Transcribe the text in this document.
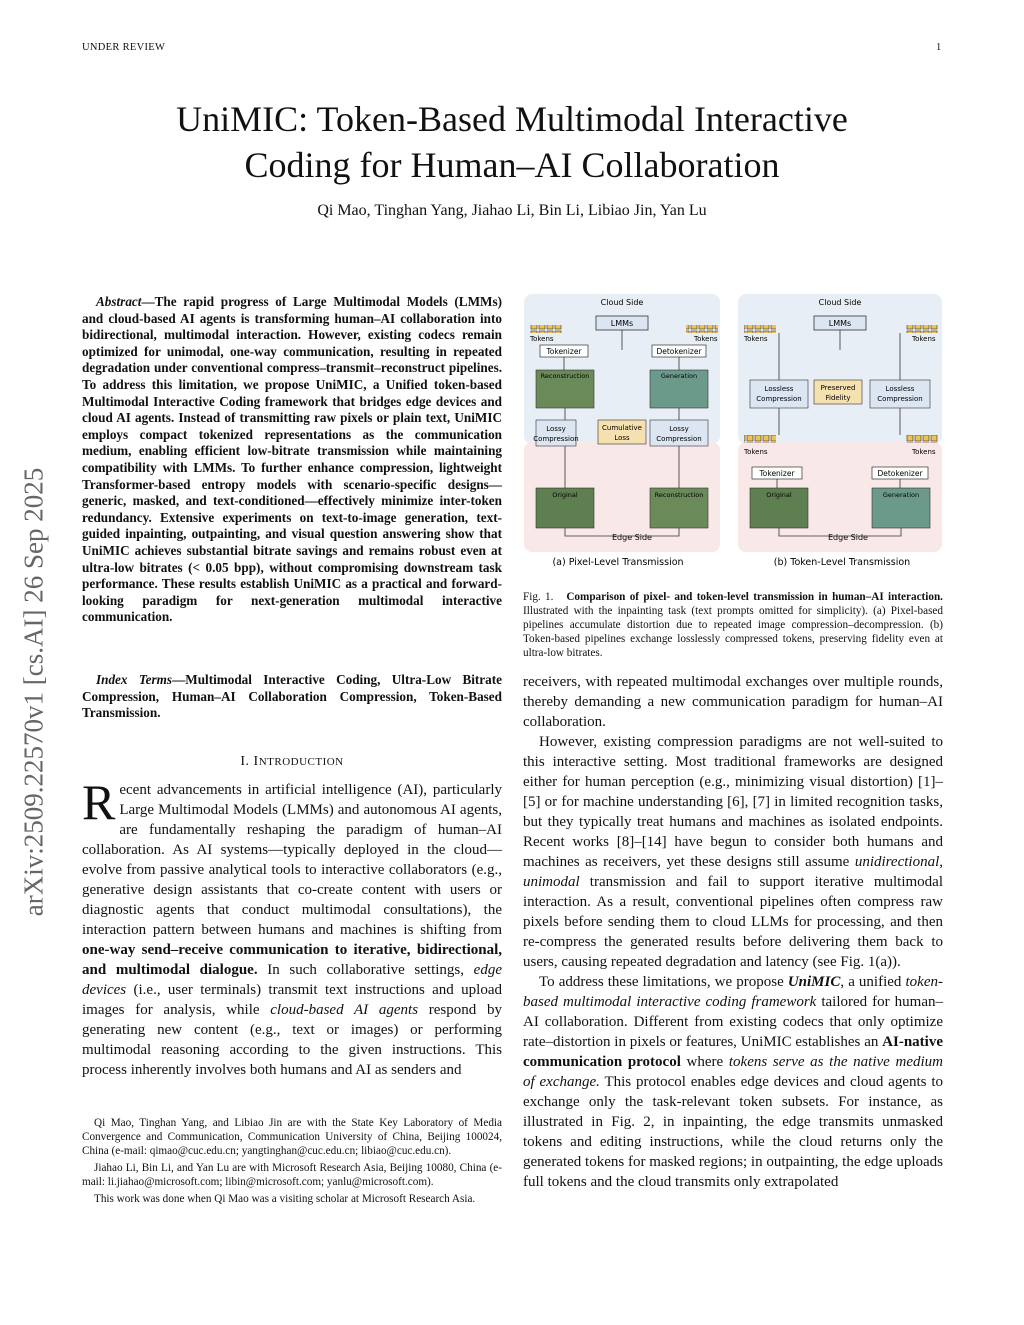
UNDER REVIEW	1
arXiv:2509.22570v1 [cs.AI] 26 Sep 2025
UniMIC: Token-Based Multimodal Interactive
Coding for Human–AI Collaboration
Qi Mao, Tinghan Yang, Jiahao Li, Bin Li, Libiao Jin, Yan Lu
Abstract—The rapid progress of Large Multimodal Models (LMMs) and cloud-based AI agents is transforming human–AI collaboration into bidirectional, multimodal interaction. However, existing codecs remain optimized for unimodal, one-way communication, resulting in repeated degradation under conventional compress–transmit–reconstruct pipelines. To address this limitation, we propose UniMIC, a Unified token-based Multimodal Interactive Coding framework that bridges edge devices and cloud AI agents. Instead of transmitting raw pixels or plain text, UniMIC employs compact tokenized representations as the communication medium, enabling efficient low-bitrate transmission while maintaining compatibility with LMMs. To further enhance compression, lightweight Transformer-based entropy models with scenario-specific designs—generic, masked, and text-conditioned—effectively minimize inter-token redundancy. Extensive experiments on text-to-image generation, text-guided inpainting, outpainting, and visual question answering show that UniMIC achieves substantial bitrate savings and remains robust even at ultra-low bitrates (< 0.05 bpp), without compromising downstream task performance. These results establish UniMIC as a practical and forward-looking paradigm for next-generation multimodal interactive communication.
Index Terms—Multimodal Interactive Coding, Ultra-Low Bitrate Compression, Human–AI Collaboration Compression, Token-Based Transmission.
I. INTRODUCTION
Recent advancements in artificial intelligence (AI), particularly Large Multimodal Models (LMMs) and autonomous AI agents, are fundamentally reshaping the paradigm of human–AI collaboration. As AI systems—typically deployed in the cloud—evolve from passive analytical tools to interactive collaborators (e.g., generative design assistants that co-create content with users or diagnostic agents that conduct multimodal consultations), the interaction pattern between humans and machines is shifting from one-way send–receive communication to iterative, bidirectional, and multimodal dialogue. In such collaborative settings, edge devices (i.e., user terminals) transmit text instructions and upload images for analysis, while cloud-based AI agents respond by generating new content (e.g., text or images) or performing multimodal reasoning according to the given instructions. This process inherently involves both humans and AI as senders and

Qi Mao, Tinghan Yang, and Libiao Jin are with the State Key Laboratory of Media Convergence and Communication, Communication University of China, Beijing 100024, China (e-mail: qimao@cuc.edu.cn; yangtinghan@cuc.edu.cn; libiao@cuc.edu.cn).

Jiahao Li, Bin Li, and Yan Lu are with Microsoft Research Asia, Beijing 10080, China (e-mail: li.jiahao@microsoft.com; libin@microsoft.com; yanlu@microsoft.com).

This work was done when Qi Mao was a visiting scholar at Microsoft Research Asia.

Cloud Side
LMMs
Tokens	Tokens
Tokenizer	Detokenizer
Reconstruction	Generation
Lossy
Compression
Cumulative
Loss
Lossy
Compression
Original	Reconstruction
Edge Side
(a) Pixel-Level Transmission
Cloud Side
LMMs
Tokens	Tokens
Lossless
Compression
Preserved
Fidelity
Lossless
Compression
Tokens	Tokens
Tokenizer	Detokenizer
Original	Generation
Edge Side
(b) Token-Level Transmission
Fig. 1. Comparison of pixel- and token-level transmission in human–AI interaction. Illustrated with the inpainting task (text prompts omitted for simplicity). (a) Pixel-based pipelines accumulate distortion due to repeated image compression–decompression. (b) Token-based pipelines exchange losslessly compressed tokens, preserving fidelity even at ultra-low bitrates.

receivers, with repeated multimodal exchanges over multiple rounds, thereby demanding a new communication paradigm for human–AI collaboration.

However, existing compression paradigms are not well-suited to this interactive setting. Most traditional frameworks are designed either for human perception (e.g., minimizing visual distortion) [1]–[5] or for machine understanding [6], [7] in limited recognition tasks, but they typically treat humans and machines as isolated endpoints. Recent works [8]–[14] have begun to consider both humans and machines as receivers, yet these designs still assume unidirectional, unimodal transmission and fail to support iterative multimodal interaction. As a result, conventional pipelines often compress raw pixels before sending them to cloud LLMs for processing, and then re-compress the generated results before delivering them back to users, causing repeated degradation and latency (see Fig. 1(a)).

To address these limitations, we propose UniMIC, a unified token-based multimodal interactive coding framework tailored for human–AI collaboration. Different from existing codecs that only optimize rate–distortion in pixels or features, UniMIC establishes an AI-native communication protocol where tokens serve as the native medium of exchange. This protocol enables edge devices and cloud agents to exchange only the task-relevant token subsets. For instance, as illustrated in Fig. 2, in inpainting, the edge transmits unmasked tokens and editing instructions, while the cloud returns only the generated tokens for masked regions; in outpainting, the edge uploads full tokens and the cloud transmits only extrapolated
